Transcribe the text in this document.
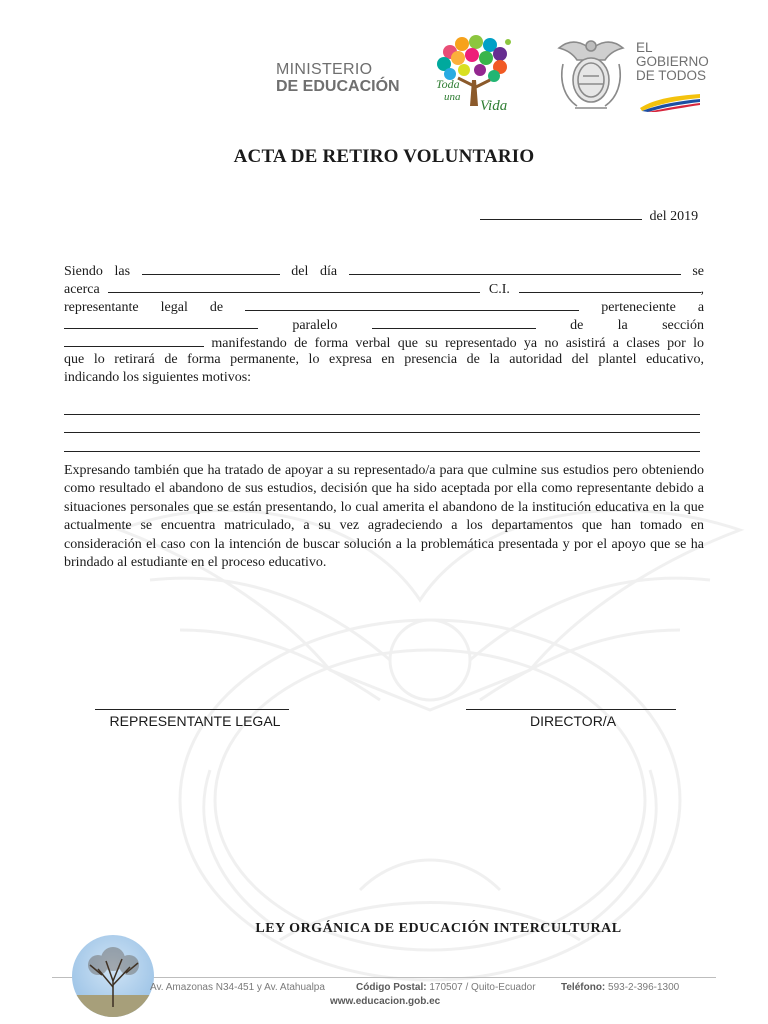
MINISTERIO
DE EDUCACIÓN	Toda
una
Vida
EL
GOBIERNO
DE TODOS
ACTA DE RETIRO VOLUNTARIO
del 2019
Siendo las	del día	se
acerca	C.I.	,
representante legal de	perteneciente a
paralelo	de la sección
manifestando de forma verbal que su representado ya no asistirá a clases por lo
que lo retirará de forma permanente, lo expresa en presencia de la autoridad del plantel educativo,
indicando los siguientes motivos:
Expresando también que ha tratado de apoyar a su representado/a para que culmine sus estudios pero obteniendo como resultado el abandono de sus estudios, decisión que ha sido aceptada por ella como representante debido a situaciones personales que se están presentando, lo cual amerita el abandono de la institución educativa en la que actualmente se encuentra matriculado, a su vez agradeciendo a los departamentos que han tomado en consideración el caso con la intención de buscar solución a la problemática presentada y por el apoyo que se ha brindado al estudiante en el proceso educativo.
REPRESENTANTE LEGAL	DIRECTOR/A
LEY ORGÁNICA DE EDUCACIÓN INTERCULTURAL
Av. Amazonas N34-451 y Av. Atahualpa	Código Postal: 170507 / Quito-Ecuador	Teléfono: 593-2-396-1300
www.educacion.gob.ec
